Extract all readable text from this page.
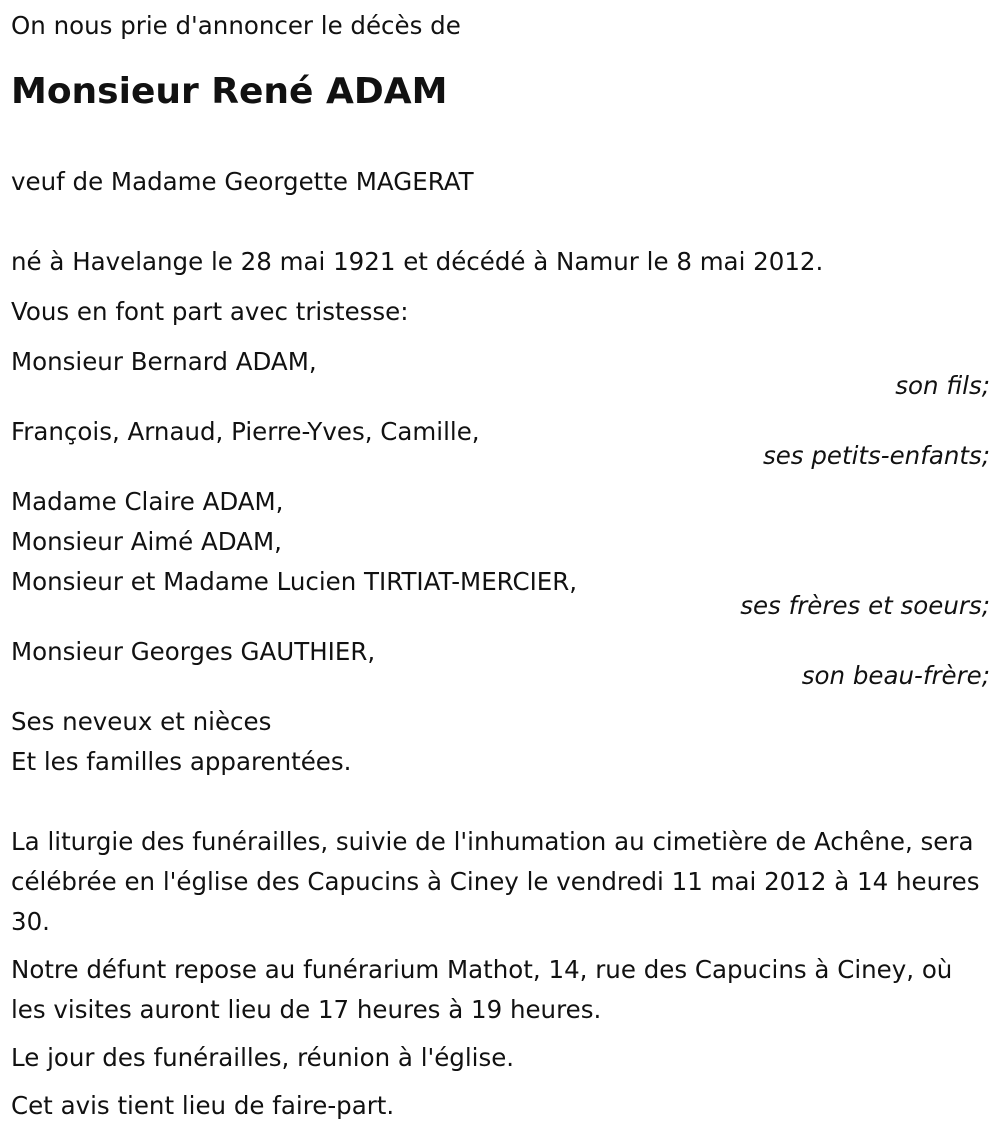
On nous prie d'annoncer le décès de

Monsieur René ADAM

veuf de Madame Georgette MAGERAT

né à Havelange le 28 mai 1921 et décédé à Namur le 8 mai 2012.

Vous en font part avec tristesse:

Monsieur Bernard ADAM,

son fils;

François, Arnaud, Pierre-Yves, Camille,

ses petits-enfants;

Madame Claire ADAM,

Monsieur Aimé ADAM,

Monsieur et Madame Lucien TIRTIAT-MERCIER,

ses frères et soeurs;

Monsieur Georges GAUTHIER,

son beau-frère;

Ses neveux et nièces

Et les familles apparentées.

La liturgie des funérailles, suivie de l'inhumation au cimetière de Achêne, sera célébrée en l'église des Capucins à Ciney le vendredi 11 mai 2012 à 14 heures 30.

Notre défunt repose au funérarium Mathot, 14, rue des Capucins à Ciney, où les visites auront lieu de 17 heures à 19 heures.

Le jour des funérailles, réunion à l'église.

Cet avis tient lieu de faire-part.
